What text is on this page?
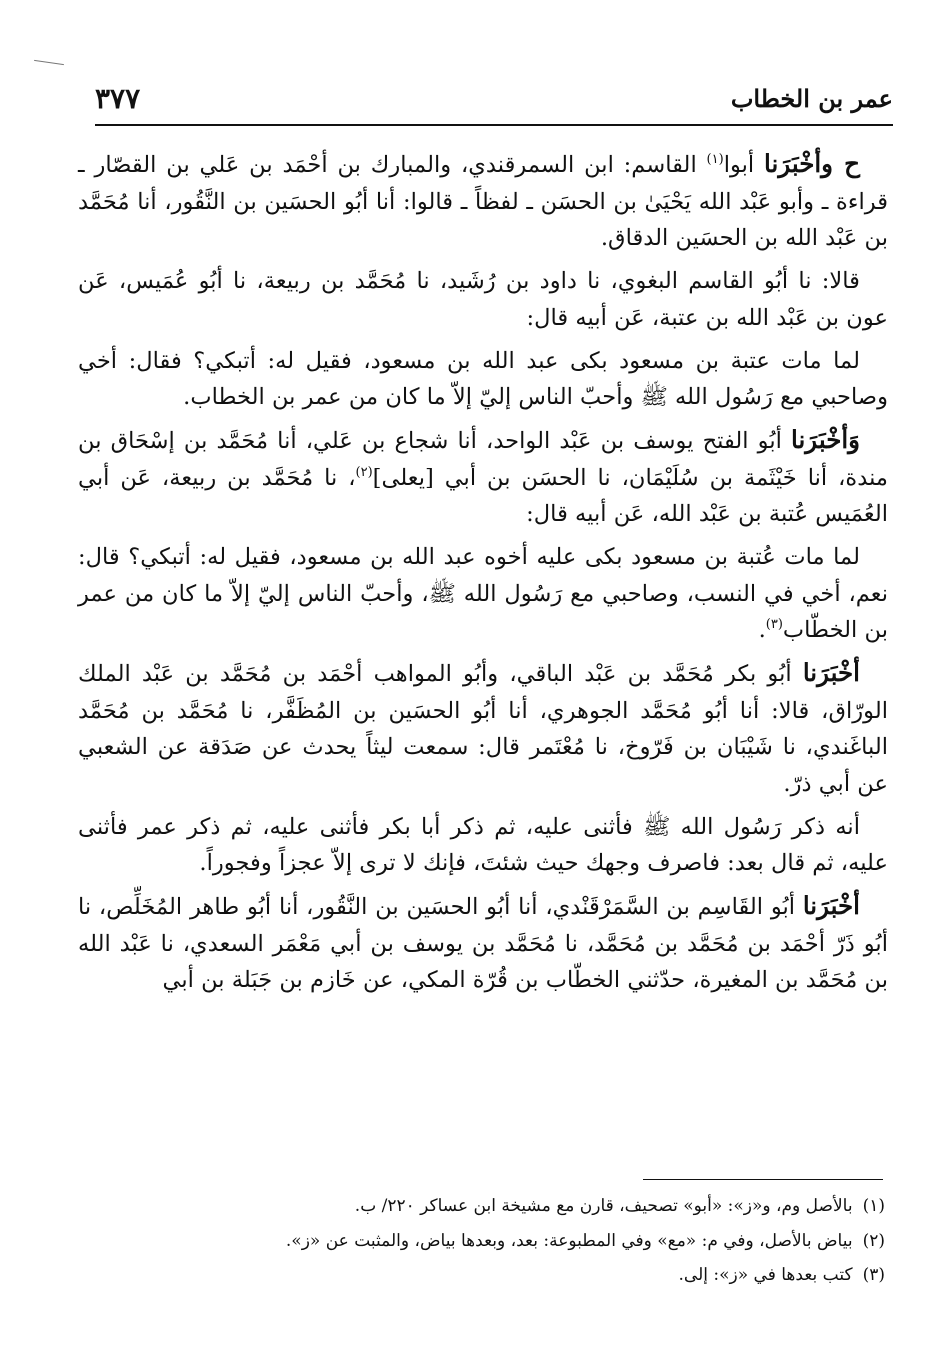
عمر بن الخطاب
٣٧٧

ح وأخْبَرَنا أبوا$^{(١)}$ القاسم: ابن السمرقندي، والمبارك بن أحْمَد بن عَلي بن القصّار ـ قراءة ـ وأبو عَبْد الله يَحْيَىٰ بن الحسَن ـ لفظاً ـ قالوا: أنا أبُو الحسَين بن النَّقُور، أنا مُحَمَّد بن عَبْد الله بن الحسَين الدقاق.

قالا: نا أبُو القاسم البغوي، نا داود بن رُشَيد، نا مُحَمَّد بن ربيعة، نا أبُو عُمَيس، عَن عون بن عَبْد الله بن عتبة، عَن أبيه قال:

لما مات عتبة بن مسعود بكى عبد الله بن مسعود، فقيل له: أتبكي؟ فقال: أخي وصاحبي مع رَسُول الله ﷺ وأحبّ الناس إليّ إلاّ ما كان من عمر بن الخطاب.

وَأخْبَرَنا أبُو الفتح يوسف بن عَبْد الواحد، أنا شجاع بن عَلي، أنا مُحَمَّد بن إسْحَاق بن مندة، أنا خَيْثَمة بن سُلَيْمَان، نا الحسَن بن أبي [يعلى]$^{(٢)}$، نا مُحَمَّد بن ربيعة، عَن أبي العُمَيس عُتبة بن عَبْد الله، عَن أبيه قال:

لما مات عُتبة بن مسعود بكى عليه أخوه عبد الله بن مسعود، فقيل له: أتبكي؟ قال: نعم، أخي في النسب، وصاحبي مع رَسُول الله ﷺ، وأحبّ الناس إليّ إلاّ ما كان من عمر بن الخطّاب$^{(٣)}$.

أخْبَرَنا أبُو بكر مُحَمَّد بن عَبْد الباقي، وأبُو المواهب أحْمَد بن مُحَمَّد بن عَبْد الملك الورّاق، قالا: أنا أبُو مُحَمَّد الجوهري، أنا أبُو الحسَين بن المُظَفَّر، نا مُحَمَّد بن مُحَمَّد الباغَندي، نا شَيْبَان بن فَرّوخ، نا مُعْتَمر قال: سمعت ليثاً يحدث عن صَدَقة عن الشعبي عن أبي ذرّ.

أنه ذكر رَسُول الله ﷺ فأثنى عليه، ثم ذكر أبا بكر فأثنى عليه، ثم ذكر عمر فأثنى عليه، ثم قال بعد: فاصرف وجهك حيث شئتَ، فإنك لا ترى إلاّ عجزاً وفجوراً.

أخْبَرَنا أبُو القَاسِم بن السَّمَرْقَنْدي، أنا أبُو الحسَين بن النَّقُور، أنا أبُو طاهر المُخَلِّص، نا أبُو ذَرّ أحْمَد بن مُحَمَّد بن مُحَمَّد، نا مُحَمَّد بن يوسف بن أبي مَعْمَر السعدي، نا عَبْد الله بن مُحَمَّد بن المغيرة، حدّثني الخطّاب بن قُرّة المكي، عن خَازم بن جَبَلة بن أبي

(١)بالأصل وم، و«ز»: «أبو» تصحيف، قارن مع مشيخة ابن عساكر ٢٢٠/ ب.
(٢)بياض بالأصل، وفي م: «مع» وفي المطبوعة: بعد، وبعدها بياض، والمثبت عن «ز».
(٣)كتب بعدها في «ز»: إلى.
